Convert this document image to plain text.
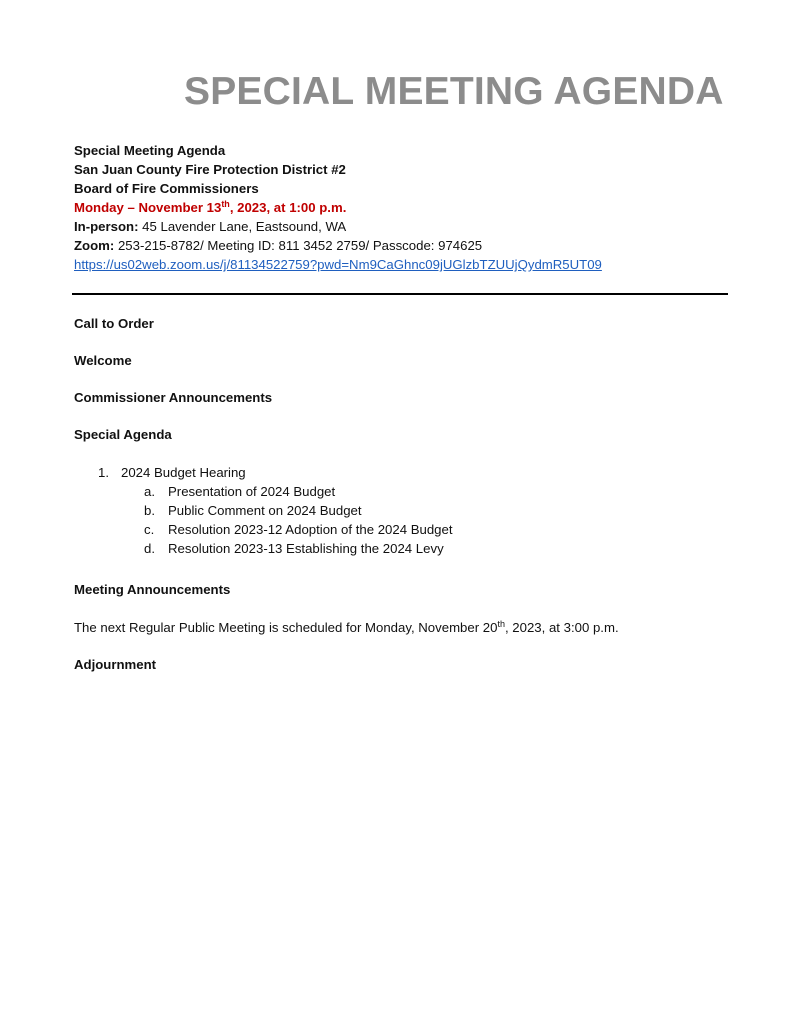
SPECIAL MEETING AGENDA
Special Meeting Agenda
San Juan County Fire Protection District #2
Board of Fire Commissioners
Monday – November 13th, 2023, at 1:00 p.m.
In-person: 45 Lavender Lane, Eastsound, WA
Zoom: 253-215-8782/ Meeting ID: 811 3452 2759/ Passcode: 974625
https://us02web.zoom.us/j/81134522759?pwd=Nm9CaGhnc09jUGlzbTZUUjQydmR5UT09
Call to Order
Welcome
Commissioner Announcements
Special Agenda
1. 2024 Budget Hearing
a. Presentation of 2024 Budget
b. Public Comment on 2024 Budget
c. Resolution 2023-12 Adoption of the 2024 Budget
d. Resolution 2023-13 Establishing the 2024 Levy
Meeting Announcements
The next Regular Public Meeting is scheduled for Monday, November 20th, 2023, at 3:00 p.m.
Adjournment
